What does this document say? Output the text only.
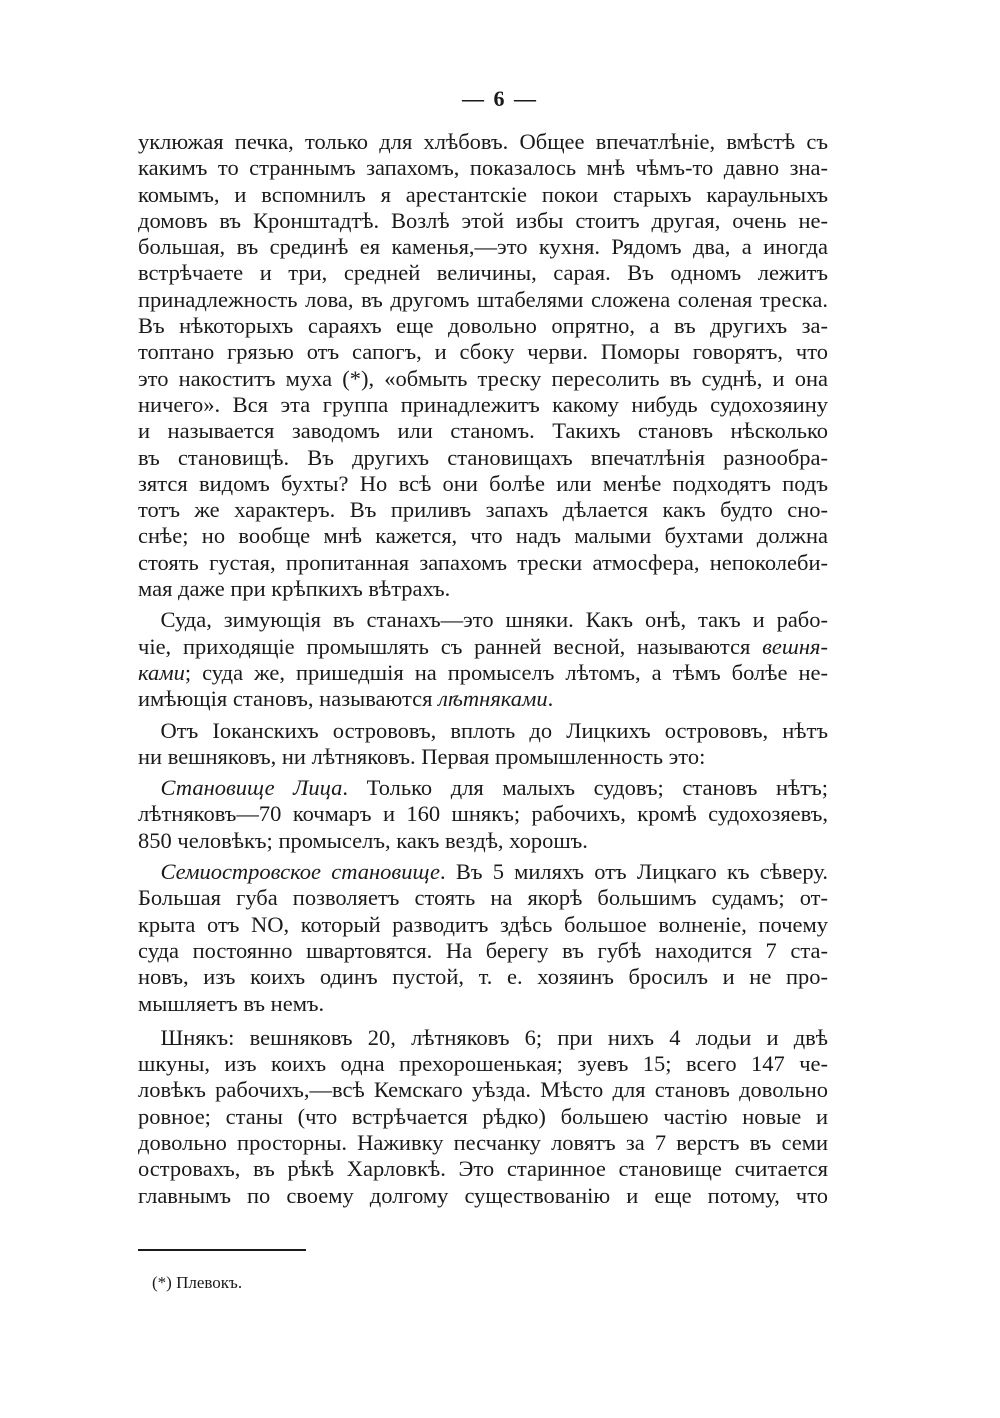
— 6 —
уклюжая печка, только для хлѣбовъ. Общее впечатлѣніе, вмѣстѣ съ
какимъ то страннымъ запахомъ, показалось мнѣ чѣмъ-то давно зна-
комымъ, и вспомнилъ я арестантскіе покои старыхъ караульныхъ
домовъ въ Кронштадтѣ. Возлѣ этой избы стоитъ другая, очень не-
большая, въ срединѣ ея каменья,—это кухня. Рядомъ два, а иногда
встрѣчаете и три, средней величины, сарая. Въ одномъ лежитъ
принадлежность лова, въ другомъ штабелями сложена соленая треска.
Въ нѣкоторыхъ сараяхъ еще довольно опрятно, а въ другихъ за-
топтано грязью отъ сапогъ, и сбоку черви. Поморы говорятъ, что
это накоститъ муха (*), «обмыть треску пересолить въ суднѣ, и она
ничего». Вся эта группа принадлежитъ какому нибудь судохозяину
и называется заводомъ или станомъ. Такихъ становъ нѣсколько
въ становищѣ. Въ другихъ становищахъ впечатлѣнія разнообра-
зятся видомъ бухты? Но всѣ они болѣе или менѣе подходятъ подъ
тотъ же характеръ. Въ приливъ запахъ дѣлается какъ будто сно-
снѣе; но вообще мнѣ кажется, что надъ малыми бухтами должна
стоять густая, пропитанная запахомъ трески атмосфера, непоколеби-
мая даже при крѣпкихъ вѣтрахъ.
 Суда, зимующія въ станахъ—это шняки. Какъ онѣ, такъ и рабо-
чіе, приходящіе промышлять съ ранней весной, называются вешня-
ками; суда же, пришедшія на промыселъ лѣтомъ, а тѣмъ болѣе не-
имѣющія становъ, называются лѣтняками.
 Отъ Іоканскихъ острововъ, вплоть до Лицкихъ острововъ, нѣтъ
ни вешняковъ, ни лѣтняковъ. Первая промышленность это:
 Становище Лица. Только для малыхъ судовъ; становъ нѣтъ;
лѣтняковъ—70 кочмаръ и 160 шнякъ; рабочихъ, кромѣ судохозяевъ,
850 человѣкъ; промыселъ, какъ вездѣ, хорошъ.
 Семиостровское становище. Въ 5 миляхъ отъ Лицкаго къ сѣверу.
Большая губа позволяетъ стоять на якорѣ большимъ судамъ; от-
крыта отъ NO, который разводитъ здѣсь большое волненіе, почему
суда постоянно швартовятся. На берегу въ губѣ находится 7 ста-
новъ, изъ коихъ одинъ пустой, т. е. хозяинъ бросилъ и не про-
мышляетъ въ немъ.
 Шнякъ: вешняковъ 20, лѣтняковъ 6; при нихъ 4 лодьи и двѣ
шкуны, изъ коихъ одна прехорошенькая; зуевъ 15; всего 147 че-
ловѣкъ рабочихъ,—всѣ Кемскаго уѣзда. Мѣсто для становъ довольно
ровное; станы (что встрѣчается рѣдко) большею частію новые и
довольно просторны. Наживку песчанку ловятъ за 7 верстъ въ семи
островахъ, въ рѣкѣ Харловкѣ. Это старинное становище считается
главнымъ по своему долгому существованію и еще потому, что
(*) Плевокъ.
